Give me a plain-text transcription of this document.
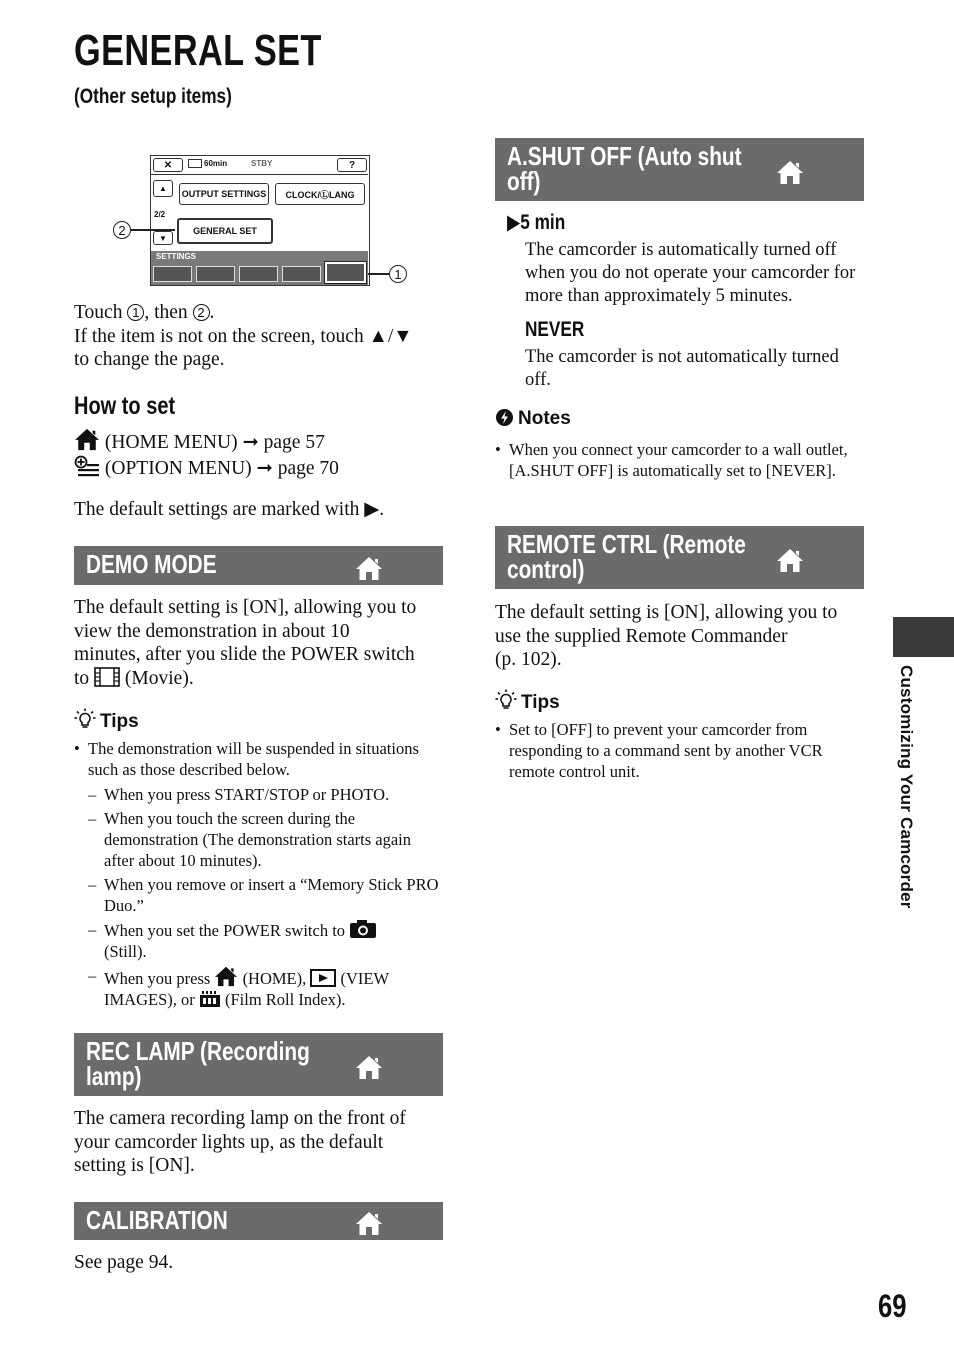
GENERAL SET
(Other setup items)
✕	60min	STBY	?
▲
OUTPUT SETTINGS	CLOCK/ⓁLANG
2/2
▼
GENERAL SET
SETTINGS
2
1
Touch 1 , then 2 .
If the item is not on the screen, touch ▲/▼
to change the page.
How to set
(HOME MENU) ➞ page 57
(OPTION MENU) ➞ page 70
The default settings are marked with ▶.
DEMO MODE
The default setting is [ON], allowing you to
view the demonstration in about 10
minutes, after you slide the POWER switch
to (Movie).
Tips
• The demonstration will be suspended in situations such as those described below.
– When you press START/STOP or PHOTO.
– When you touch the screen during the demonstration (The demonstration starts again after about 10 minutes).
– When you remove or insert a “Memory Stick PRO Duo.”
– When you set the POWER switch to
(Still).
– When you press (HOME), (VIEW
IMAGES), or (Film Roll Index).
REC LAMP (Recording
lamp)
The camera recording lamp on the front of
your camcorder lights up, as the default
setting is [ON].
CALIBRATION
See page 94.
A.SHUT OFF (Auto shut
off)
▶5 min
The camcorder is automatically turned off when you do not operate your camcorder for more than approximately 5 minutes.
NEVER
The camcorder is not automatically turned off.
Notes
• When you connect your camcorder to a wall outlet, [A.SHUT OFF] is automatically set to [NEVER].
REMOTE CTRL (Remote
control)
The default setting is [ON], allowing you to
use the supplied Remote Commander
(p. 102).
Tips
• Set to [OFF] to prevent your camcorder from responding to a command sent by another VCR remote control unit.	Customizing Your Camcorder
69
